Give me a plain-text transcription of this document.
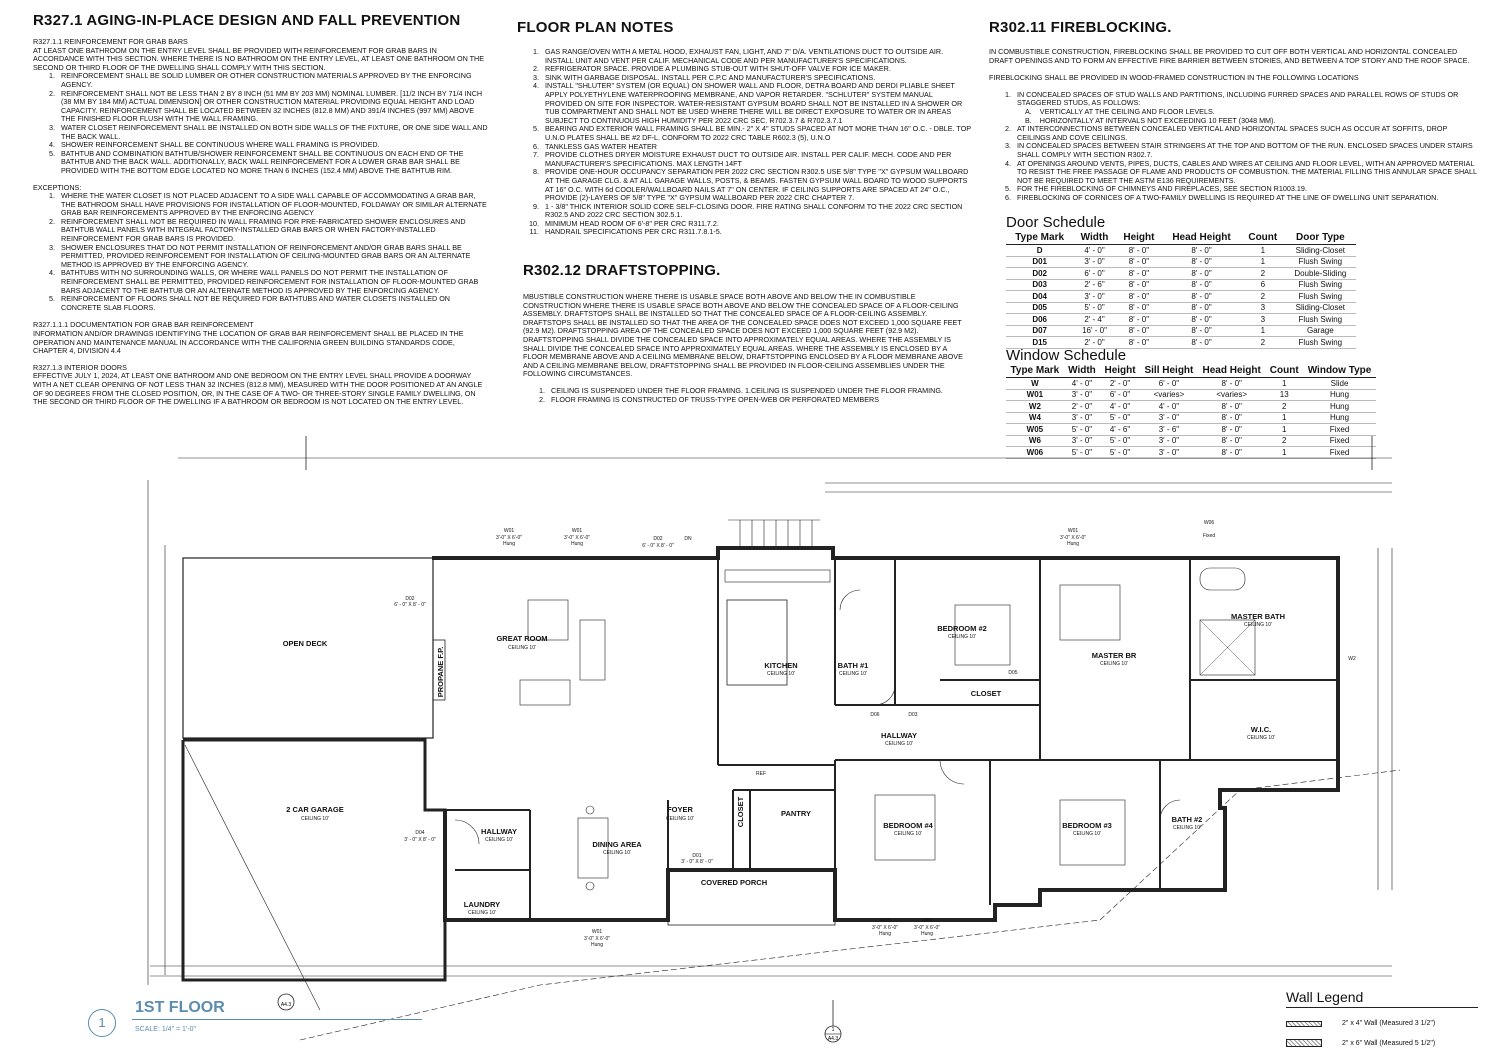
R327.1 AGING-IN-PLACE DESIGN AND FALL PREVENTION
R327.1.1 REINFORCEMENT FOR GRAB BARS
AT LEAST ONE BATHROOM ON THE ENTRY LEVEL SHALL BE PROVIDED WITH REINFORCEMENT FOR GRAB BARS IN ACCORDANCE WITH THIS SECTION. WHERE THERE IS NO BATHROOM ON THE ENTRY LEVEL, AT LEAST ONE BATHROOM ON THE SECOND OR THIRD FLOOR OF THE DWELLING SHALL COMPLY WITH THIS SECTION.
1. REINFORCEMENT SHALL BE SOLID LUMBER OR OTHER CONSTRUCTION MATERIALS APPROVED BY THE ENFORCING AGENCY.
2. REINFORCEMENT SHALL NOT BE LESS THAN 2 BY 8 INCH (51 MM BY 203 MM) NOMINAL LUMBER. [11/2 INCH BY 71/4 INCH (38 MM BY 184 MM) ACTUAL DIMENSION] OR OTHER CONSTRUCTION MATERIAL PROVIDING EQUAL HEIGHT AND LOAD CAPACITY. REINFORCEMENT SHALL BE LOCATED BETWEEN 32 INCHES (812.8 MM) AND 391/4 INCHES (997 MM) ABOVE THE FINISHED FLOOR FLUSH WITH THE WALL FRAMING.
3. WATER CLOSET REINFORCEMENT SHALL BE INSTALLED ON BOTH SIDE WALLS OF THE FIXTURE, OR ONE SIDE WALL AND THE BACK WALL.
4. SHOWER REINFORCEMENT SHALL BE CONTINUOUS WHERE WALL FRAMING IS PROVIDED.
5. BATHTUB AND COMBINATION BATHTUB/SHOWER REINFORCEMENT SHALL BE CONTINUOUS ON EACH END OF THE BATHTUB AND THE BACK WALL. ADDITIONALLY, BACK WALL REINFORCEMENT FOR A LOWER GRAB BAR SHALL BE PROVIDED WITH THE BOTTOM EDGE LOCATED NO MORE THAN 6 INCHES (152.4 MM) ABOVE THE BATHTUB RIM.
EXCEPTIONS:
1. WHERE THE WATER CLOSET IS NOT PLACED ADJACENT TO A SIDE WALL CAPABLE OF ACCOMMODATING A GRAB BAR, THE BATHROOM SHALL HAVE PROVISIONS FOR INSTALLATION OF FLOOR-MOUNTED, FOLDAWAY OR SIMILAR ALTERNATE GRAB BAR REINFORCEMENTS APPROVED BY THE ENFORCING AGENCY
2. REINFORCEMENT SHALL NOT BE REQUIRED IN WALL FRAMING FOR PRE-FABRICATED SHOWER ENCLOSURES AND BATHTUB WALL PANELS WITH INTEGRAL FACTORY-INSTALLED GRAB BARS OR WHEN FACTORY-INSTALLED REINFORCEMENT FOR GRAB BARS IS PROVIDED.
3. SHOWER ENCLOSURES THAT DO NOT PERMIT INSTALLATION OF REINFORCEMENT AND/OR GRAB BARS SHALL BE PERMITTED, PROVIDED REINFORCEMENT FOR INSTALLATION OF CEILING-MOUNTED GRAB BARS OR AN ALTERNATE METHOD IS APPROVED BY THE ENFORCING AGENCY.
4. BATHTUBS WITH NO SURROUNDING WALLS, OR WHERE WALL PANELS DO NOT PERMIT THE INSTALLATION OF REINFORCEMENT SHALL BE PERMITTED, PROVIDED REINFORCEMENT FOR INSTALLATION OF FLOOR-MOUNTED GRAB BARS ADJACENT TO THE BATHTUB OR AN ALTERNATE METHOD IS APPROVED BY THE ENFORCING AGENCY.
5. REINFORCEMENT OF FLOORS SHALL NOT BE REQUIRED FOR BATHTUBS AND WATER CLOSETS INSTALLED ON CONCRETE SLAB FLOORS.
R327.1.1.1 DOCUMENTATION FOR GRAB BAR REINFORCEMENT
INFORMATION AND/OR DRAWINGS IDENTIFYING THE LOCATION OF GRAB BAR REINFORCEMENT SHALL BE PLACED IN THE OPERATION AND MAINTENANCE MANUAL IN ACCORDANCE WITH THE CALIFORNIA GREEN BUILDING STANDARDS CODE, CHAPTER 4, DIVISION 4.4
R327.1.3 INTERIOR DOORS
EFFECTIVE JULY 1, 2024, AT LEAST ONE BATHROOM AND ONE BEDROOM ON THE ENTRY LEVEL SHALL PROVIDE A DOORWAY WITH A NET CLEAR OPENING OF NOT LESS THAN 32 INCHES (812.8 MM), MEASURED WITH THE DOOR POSITIONED AT AN ANGLE OF 90 DEGREES FROM THE CLOSED POSITION, OR, IN THE CASE OF A TWO- OR THREE-STORY SINGLE FAMILY DWELLING, ON THE SECOND OR THIRD FLOOR OF THE DWELLING IF A BATHROOM OR BEDROOM IS NOT LOCATED ON THE ENTRY LEVEL.
FLOOR PLAN NOTES
1. GAS RANGE/OVEN WITH A METAL HOOD, EXHAUST FAN, LIGHT, AND 7" D/A. VENTILATIONS DUCT TO OUTSIDE AIR. INSTALL UNIT AND VENT PER CALIF. MECHANICAL CODE AND PER MANUFACTURER'S SPECIFICATIONS.
2. REFRIGERATOR SPACE. PROVIDE A PLUMBING STUB-OUT WITH SHUT-OFF VALVE FOR ICE MAKER.
3. SINK WITH GARBAGE DISPOSAL. INSTALL PER C.P.C AND MANUFACTURER'S SPECIFICATIONS.
4. INSTALL "SHLUTER" SYSTEM (OR EQUAL) ON SHOWER WALL AND FLOOR, DETRA BOARD AND DERDI PLIABLE SHEET APPLY POLYETHYLENE WATERPROOFING MEMBRANE, AND VAPOR RETARDER. "SCHLUTER" SYSTEM MANUAL PROVIDED ON SITE FOR INSPECTOR. WATER-RESISTANT GYPSUM BOARD SHALL NOT BE INSTALLED IN A SHOWER OR TUB COMPARTMENT AND SHALL NOT BE USED WHERE THERE WILL BE DIRECT EXPOSURE TO WATER OR IN AREAS SUBJECT TO CONTINUOUS HIGH HUMIDITY PER 2022 CRC SEC. R702.3.7 & R702.3.7.1
5. BEARING AND EXTERIOR WALL FRAMING SHALL BE MIN.- 2" X 4" STUDS SPACED AT NOT MORE THAN 16" O.C. - DBLE. TOP U.N.O PLATES SHALL BE #2 DF-L. CONFORM TO 2022 CRC TABLE R602.3 (5), U.N.O
6. TANKLESS GAS WATER HEATER
7. PROVIDE CLOTHES DRYER MOISTURE EXHAUST DUCT TO OUTSIDE AIR. INSTALL PER CALIF. MECH. CODE AND PER MANUFACTURER'S SPECIFICATIONS. MAX LENGTH 14FT
8. PROVIDE ONE-HOUR OCCUPANCY SEPARATION PER 2022 CRC SECTION R302.5 USE 5/8" TYPE "X" GYPSUM WALLBOARD AT THE GARAGE CLG. & AT ALL GARAGE WALLS, POSTS, & BEAMS. FASTEN GYPSUM WALL BOARD TO WOOD SUPPORTS AT 16" O.C. WITH 6d COOLER/WALLBOARD NAILS AT 7" ON CENTER. IF CEILING SUPPORTS ARE SPACED AT 24" O.C., PROVIDE (2)-LAYERS OF 5/8" TYPE "X" GYPSUM WALLBOARD PER 2022 CRC CHAPTER 7.
9. 1 - 3/8" THICK INTERIOR SOLID CORE SELF-CLOSING DOOR. FIRE RATING SHALL CONFORM TO THE 2022 CRC SECTION R302.5 AND 2022 CRC SECTION 302.5.1.
10. MINIMUM HEAD ROOM OF 6'-8" PER CRC R311.7.2.
11. HANDRAIL SPECIFICATIONS PER CRC R311.7.8.1-5.
R302.12 DRAFTSTOPPING.
MBUSTIBLE CONSTRUCTION WHERE THERE IS USABLE SPACE BOTH ABOVE AND BELOW THE IN COMBUSTIBLE CONSTRUCTION WHERE THERE IS USABLE SPACE BOTH ABOVE AND BELOW THE CONCEALED SPACE OF A FLOOR-CEILING ASSEMBLY. DRAFTSTOPS SHALL BE INSTALLED SO THAT THE CONCEALED SPACE OF A FLOOR-CEILING ASSEMBLY. DRAFTSTOPS SHALL BE INSTALLED SO THAT THE AREA OF THE CONCEALED SPACE DOES NOT EXCEED 1,000 SQUARE FEET (92.9 M2). DRAFTSTOPPING AREA OF THE CONCEALED SPACE DOES NOT EXCEED 1,000 SQUARE FEET (92.9 M2). DRAFTSTOPPING SHALL DIVIDE THE CONCEALED SPACE INTO APPROXIMATELY EQUAL AREAS. WHERE THE ASSEMBLY IS SHALL DIVIDE THE CONCEALED SPACE INTO APPROXIMATELY EQUAL AREAS. WHERE THE ASSEMBLY IS ENCLOSED BY A FLOOR MEMBRANE ABOVE AND A CEILING MEMBRANE BELOW, DRAFTSTOPPING ENCLOSED BY A FLOOR MEMBRANE ABOVE AND A CEILING MEMBRANE BELOW, DRAFTSTOPPING SHALL BE PROVIDED IN FLOOR-CEILING ASSEMBLIES UNDER THE FOLLOWING CIRCUMSTANCES.
1. CEILING IS SUSPENDED UNDER THE FLOOR FRAMING. 1.CEILING IS SUSPENDED UNDER THE FLOOR FRAMING.
2. FLOOR FRAMING IS CONSTRUCTED OF TRUSS-TYPE OPEN-WEB OR PERFORATED MEMBERS
R302.11 FIREBLOCKING.
IN COMBUSTIBLE CONSTRUCTION, FIREBLOCKING SHALL BE PROVIDED TO CUT OFF BOTH VERTICAL AND HORIZONTAL CONCEALED DRAFT OPENINGS AND TO FORM AN EFFECTIVE FIRE BARRIER BETWEEN STORIES, AND BETWEEN A TOP STORY AND THE ROOF SPACE.
FIREBLOCKING SHALL BE PROVIDED IN WOOD-FRAMED CONSTRUCTION IN THE FOLLOWING LOCATIONS
1. IN CONCEALED SPACES OF STUD WALLS AND PARTITIONS, INCLUDING FURRED SPACES AND PARALLEL ROWS OF STUDS OR STAGGERED STUDS, AS FOLLOWS:
A.    VERTICALLY AT THE CEILING AND FLOOR LEVELS.
B.    HORIZONTALLY AT INTERVALS NOT EXCEEDING 10 FEET (3048 MM).
2. AT INTERCONNECTIONS BETWEEN CONCEALED VERTICAL AND HORIZONTAL SPACES SUCH AS OCCUR AT SOFFITS, DROP CEILINGS AND COVE CEILINGS.
3. IN CONCEALED SPACES BETWEEN STAIR STRINGERS AT THE TOP AND BOTTOM OF THE RUN. ENCLOSED SPACES UNDER STAIRS SHALL COMPLY WITH SECTION R302.7.
4. AT OPENINGS AROUND VENTS, PIPES, DUCTS, CABLES AND WIRES AT CEILING AND FLOOR LEVEL, WITH AN APPROVED MATERIAL TO RESIST THE FREE PASSAGE OF FLAME AND PRODUCTS OF COMBUSTION. THE MATERIAL FILLING THIS ANNULAR SPACE SHALL NOT BE REQUIRED TO MEET THE ASTM E136 REQUIREMENTS.
5. FOR THE FIREBLOCKING OF CHIMNEYS AND FIREPLACES, SEE SECTION R1003.19.
6. FIREBLOCKING OF CORNICES OF A TWO-FAMILY DWELLING IS REQUIRED AT THE LINE OF DWELLING UNIT SEPARATION.
Door Schedule
Type Mark	Width	Height	Head Height	Count	Door Type
D	4' - 0"	8' - 0"	8' - 0"	1	Sliding-Closet
D01	3' - 0"	8' - 0"	8' - 0"	1	Flush Swing
D02	6' - 0"	8' - 0"	8' - 0"	2	Double-Sliding
D03	2' - 6"	8' - 0"	8' - 0"	6	Flush Swing
D04	3' - 0"	8' - 0"	8' - 0"	2	Flush Swing
D05	5' - 0"	8' - 0"	8' - 0"	3	Sliding-Closet
D06	2' - 4"	8' - 0"	8' - 0"	3	Flush Swing
D07	16' - 0"	8' - 0"	8' - 0"	1	Garage
D15	2' - 0"	8' - 0"	8' - 0"	2	Flush Swing
Window Schedule
Type Mark	Width	Height	Sill Height	Head Height	Count	Window Type
W	4' - 0"	2' - 0"	6' - 0"	8' - 0"	1	Slide
W01	3' - 0"	6' - 0"	<varies>	<varies>	13	Hung
W2	2' - 0"	4' - 0"	4' - 0"	8' - 0"	2	Hung
W4	3' - 0"	5' - 0"	3' - 0"	8' - 0"	1	Hung
W05	5' - 0"	4' - 6"	3' - 6"	8' - 0"	1	Fixed
W6	3' - 0"	5' - 0"	3' - 0"	8' - 0"	2	Fixed
W06	5' - 0"	5' - 0"	3' - 0"	8' - 0"	1	Fixed
OPEN DECK
GREAT ROOM
CEILING 10'
KITCHEN
CEILING 10'
BATH #1
CEILING 10'
BEDROOM #2
CEILING 10'
CLOSET
MASTER BR
CEILING 10'
MASTER BATH
CEILING 10'
W.I.C.
CEILING 10'
HALLWAY
CEILING 10'
2 CAR GARAGE
CEILING 10'
HALLWAY
CEILING 10'
LAUNDRY
CEILING 10'
DINING AREA
CEILING 10'
FOYER
CEILING 10'
PANTRY
COVERED PORCH
BEDROOM #4
CEILING 10'
BEDROOM #3
CEILING 10'
BATH #2
CEILING 10'
PROPANE F.P.
CLOSET
REF
W01
3'-0" X 6'-0"
Hung
W01
3'-0" X 6'-0"
Hung
D02
6' - 0" X 8' - 0"
DN
W01
3'-0" X 6'-0"
Hung
W06
Fixed
D02
6' - 0" X 8' - 0"
D04
3' - 0" X 8' - 0"
D01
3' - 0" X 8' - 0"
D06	D03
D05
W2
W01
3'-0" X 6'-0"
Hung
W01
3'-0" X 6'-0"
Hung
W01
3'-0" X 6'-0"
Hung
1
A4.3
A4.3
1
1ST FLOOR
SCALE: 1/4" = 1'-0"
Wall Legend
2" x 4" Wall (Measured 3 1/2")
2" x 6" Wall (Measured 5 1/2")
